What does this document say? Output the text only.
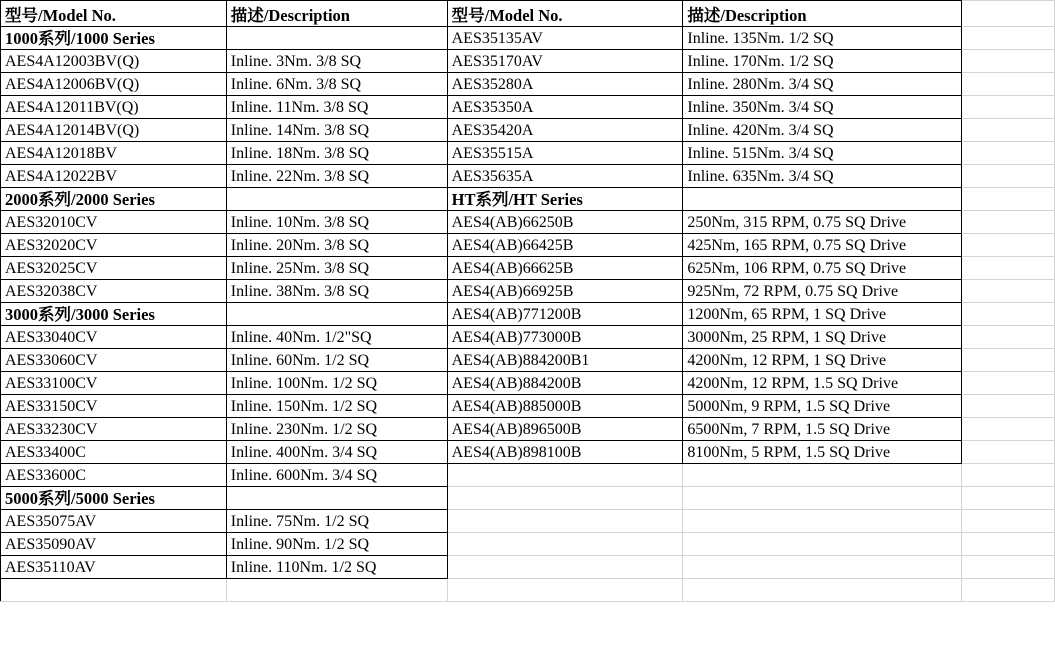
型号/Model No.	描述/Description	型号/Model No.	描述/Description	
1000系列/1000 Series		AES35135AV	Inline. 135Nm. 1/2 SQ	
AES4A12003BV(Q)	Inline. 3Nm. 3/8 SQ	AES35170AV	Inline. 170Nm. 1/2 SQ	
AES4A12006BV(Q)	Inline. 6Nm. 3/8 SQ	AES35280A	Inline. 280Nm. 3/4 SQ	
AES4A12011BV(Q)	Inline. 11Nm. 3/8 SQ	AES35350A	Inline. 350Nm. 3/4 SQ	
AES4A12014BV(Q)	Inline. 14Nm. 3/8 SQ	AES35420A	Inline. 420Nm. 3/4 SQ	
AES4A12018BV	Inline. 18Nm. 3/8 SQ	AES35515A	Inline. 515Nm. 3/4 SQ	
AES4A12022BV	Inline. 22Nm. 3/8 SQ	AES35635A	Inline. 635Nm. 3/4 SQ	
2000系列/2000 Series		HT系列/HT Series		
AES32010CV	Inline. 10Nm. 3/8 SQ	AES4(AB)66250B	250Nm, 315 RPM, 0.75 SQ Drive	
AES32020CV	Inline. 20Nm. 3/8 SQ	AES4(AB)66425B	425Nm, 165 RPM, 0.75 SQ Drive	
AES32025CV	Inline. 25Nm. 3/8 SQ	AES4(AB)66625B	625Nm, 106 RPM, 0.75 SQ Drive	
AES32038CV	Inline. 38Nm. 3/8 SQ	AES4(AB)66925B	925Nm, 72 RPM, 0.75 SQ Drive	
3000系列/3000 Series		AES4(AB)771200B	1200Nm, 65 RPM, 1 SQ Drive	
AES33040CV	Inline. 40Nm. 1/2"SQ	AES4(AB)773000B	3000Nm, 25 RPM, 1 SQ Drive	
AES33060CV	Inline. 60Nm. 1/2 SQ	AES4(AB)884200B1	4200Nm, 12 RPM, 1 SQ Drive	
AES33100CV	Inline. 100Nm. 1/2 SQ	AES4(AB)884200B	4200Nm, 12 RPM, 1.5 SQ Drive	
AES33150CV	Inline. 150Nm. 1/2 SQ	AES4(AB)885000B	5000Nm, 9 RPM, 1.5 SQ Drive	
AES33230CV	Inline. 230Nm. 1/2 SQ	AES4(AB)896500B	6500Nm, 7 RPM, 1.5 SQ Drive	
AES33400C	Inline. 400Nm. 3/4 SQ	AES4(AB)898100B	8100Nm, 5 RPM, 1.5 SQ Drive	
AES33600C	Inline. 600Nm. 3/4 SQ			
5000系列/5000 Series				
AES35075AV	Inline. 75Nm. 1/2 SQ			
AES35090AV	Inline. 90Nm. 1/2 SQ			
AES35110AV	Inline. 110Nm. 1/2 SQ			
